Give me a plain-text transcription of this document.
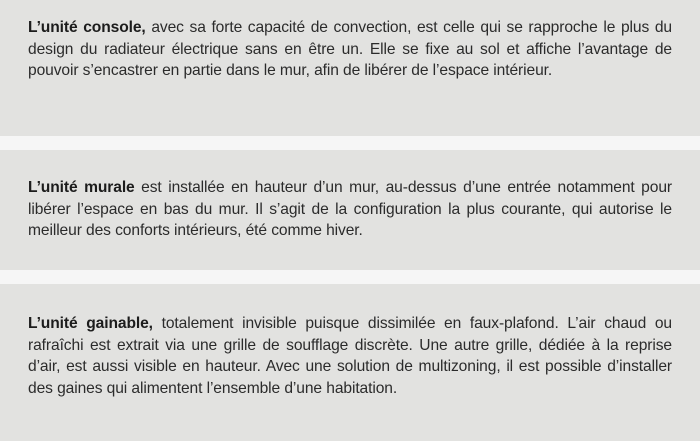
L’unité console, avec sa forte capacité de convection, est celle qui se rapproche le plus du design du radiateur électrique sans en être un. Elle se fixe au sol et affiche l’avantage de pouvoir s’encastrer en partie dans le mur, afin de libérer de l’espace intérieur.

L’unité murale est installée en hauteur d’un mur, au-dessus d’une entrée notamment pour libérer l’espace en bas du mur. Il s’agit de la configuration la plus courante, qui autorise le meilleur des conforts intérieurs, été comme hiver.

L’unité gainable, totalement invisible puisque dissimilée en faux-plafond. L’air chaud ou rafraîchi est extrait via une grille de soufflage discrète. Une autre grille, dédiée à la reprise d’air, est aussi visible en hauteur. Avec une solution de multizoning, il est possible d’installer des gaines qui alimentent l’ensemble d’une habitation.
